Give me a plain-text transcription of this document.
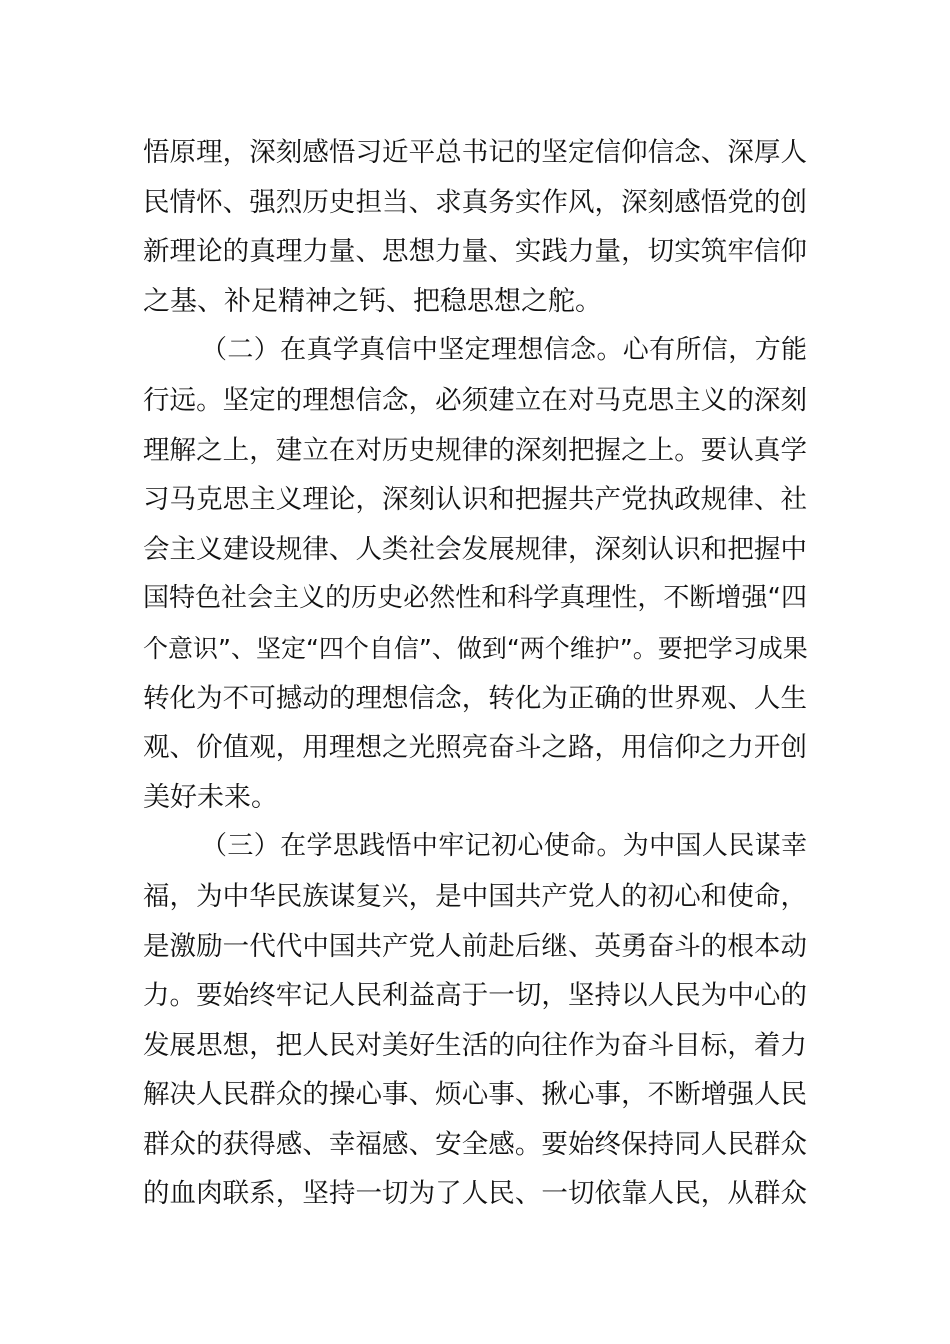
悟原理，深刻感悟习近平总书记的坚定信仰信念、深厚人
民情怀、强烈历史担当、求真务实作风，深刻感悟党的创
新理论的真理力量、思想力量、实践力量，切实筑牢信仰
之基、补足精神之钙、把稳思想之舵。
（二）在真学真信中坚定理想信念。心有所信，方能
行远。坚定的理想信念，必须建立在对马克思主义的深刻
理解之上，建立在对历史规律的深刻把握之上。要认真学
习马克思主义理论，深刻认识和把握共产党执政规律、社
会主义建设规律、人类社会发展规律，深刻认识和把握中
国特色社会主义的历史必然性和科学真理性，不断增强“四
个意识”、坚定“四个自信”、做到“两个维护”。要把学习成果
转化为不可撼动的理想信念，转化为正确的世界观、人生
观、价值观，用理想之光照亮奋斗之路，用信仰之力开创
美好未来。
（三）在学思践悟中牢记初心使命。为中国人民谋幸
福，为中华民族谋复兴，是中国共产党人的初心和使命，
是激励一代代中国共产党人前赴后继、英勇奋斗的根本动
力。要始终牢记人民利益高于一切，坚持以人民为中心的
发展思想，把人民对美好生活的向往作为奋斗目标，着力
解决人民群众的操心事、烦心事、揪心事，不断增强人民
群众的获得感、幸福感、安全感。要始终保持同人民群众
的血肉联系，坚持一切为了人民、一切依靠人民，从群众
